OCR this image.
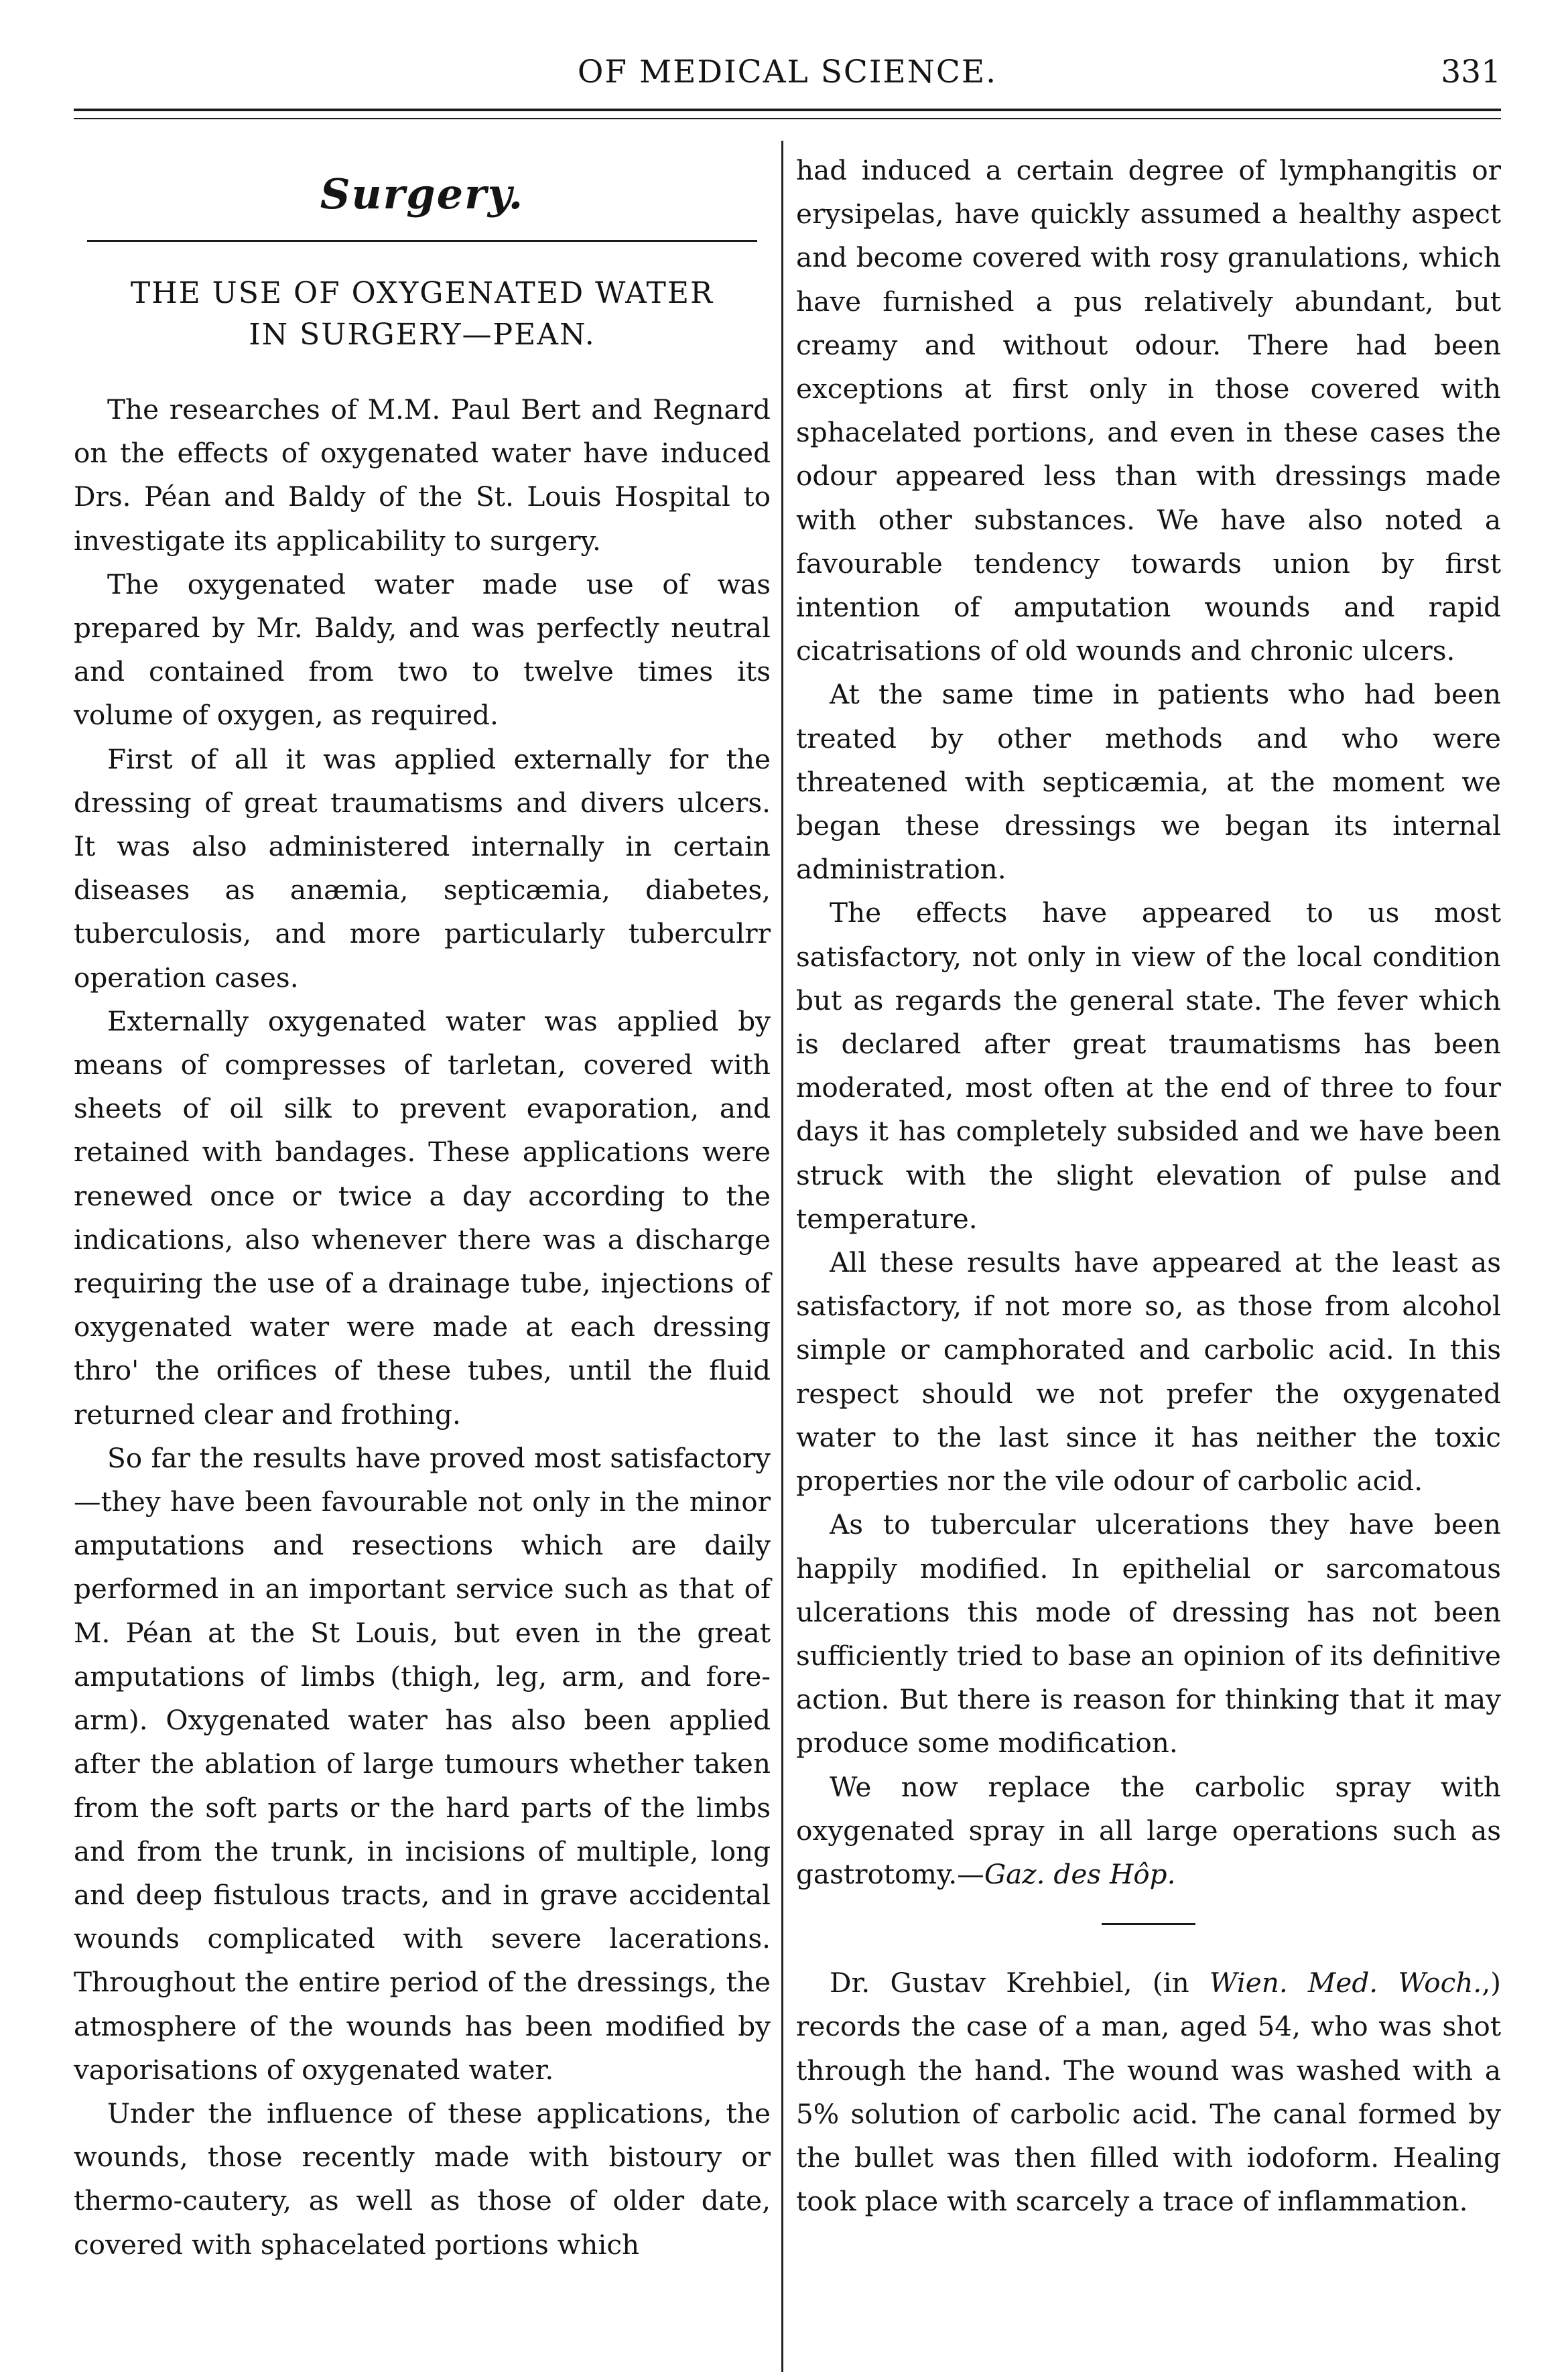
OF MEDICAL SCIENCE.	331
Surgery.
THE USE OF OXYGENATED WATER
IN SURGERY—PEAN.

The researches of M.M. Paul Bert and Regnard on the effects of oxygenated water have induced Drs. Péan and Baldy of the St. Louis Hospital to investigate its applicability to surgery.

The oxygenated water made use of was prepared by Mr. Baldy, and was perfectly neutral and contained from two to twelve times its volume of oxygen, as required.

First of all it was applied externally for the dressing of great traumatisms and divers ulcers. It was also administered internally in certain diseases as anæmia, septicæmia, diabetes, tuberculosis, and more particularly tuberculrr operation cases.

Externally oxygenated water was applied by means of compresses of tarletan, covered with sheets of oil silk to prevent evaporation, and retained with bandages. These applications were renewed once or twice a day according to the indications, also whenever there was a discharge requiring the use of a drainage tube, injections of oxygenated water were made at each dressing thro' the orifices of these tubes, until the fluid returned clear and frothing.

So far the results have proved most satisfactory—they have been favourable not only in the minor amputations and resections which are daily performed in an important service such as that of M. Péan at the St Louis, but even in the great amputations of limbs (thigh, leg, arm, and fore-arm). Oxygenated water has also been applied after the ablation of large tumours whether taken from the soft parts or the hard parts of the limbs and from the trunk, in incisions of multiple, long and deep fistulous tracts, and in grave accidental wounds complicated with severe lacerations. Throughout the entire period of the dressings, the atmosphere of the wounds has been modified by vaporisations of oxygenated water.

Under the influence of these applications, the wounds, those recently made with bistoury or thermo-cautery, as well as those of older date, covered with sphacelated portions which

had induced a certain degree of lymphangitis or erysipelas, have quickly assumed a healthy aspect and become covered with rosy granulations, which have furnished a pus relatively abundant, but creamy and without odour. There had been exceptions at first only in those covered with sphacelated portions, and even in these cases the odour appeared less than with dressings made with other substances. We have also noted a favourable tendency towards union by first intention of amputation wounds and rapid cicatrisations of old wounds and chronic ulcers.

At the same time in patients who had been treated by other methods and who were threatened with septicæmia, at the moment we began these dressings we began its internal administration.

The effects have appeared to us most satisfactory, not only in view of the local condition but as regards the general state. The fever which is declared after great traumatisms has been moderated, most often at the end of three to four days it has completely subsided and we have been struck with the slight elevation of pulse and temperature.

All these results have appeared at the least as satisfactory, if not more so, as those from alcohol simple or camphorated and carbolic acid. In this respect should we not prefer the oxygenated water to the last since it has neither the toxic properties nor the vile odour of carbolic acid.

As to tubercular ulcerations they have been happily modified. In epithelial or sarcomatous ulcerations this mode of dressing has not been sufficiently tried to base an opinion of its definitive action. But there is reason for thinking that it may produce some modification.

We now replace the carbolic spray with oxygenated spray in all large operations such as gastrotomy.—Gaz. des Hôp.

Dr. Gustav Krehbiel, (in Wien. Med. Woch.,) records the case of a man, aged 54, who was shot through the hand. The wound was washed with a 5% solution of carbolic acid. The canal formed by the bullet was then filled with iodoform. Healing took place with scarcely a trace of inflammation.
